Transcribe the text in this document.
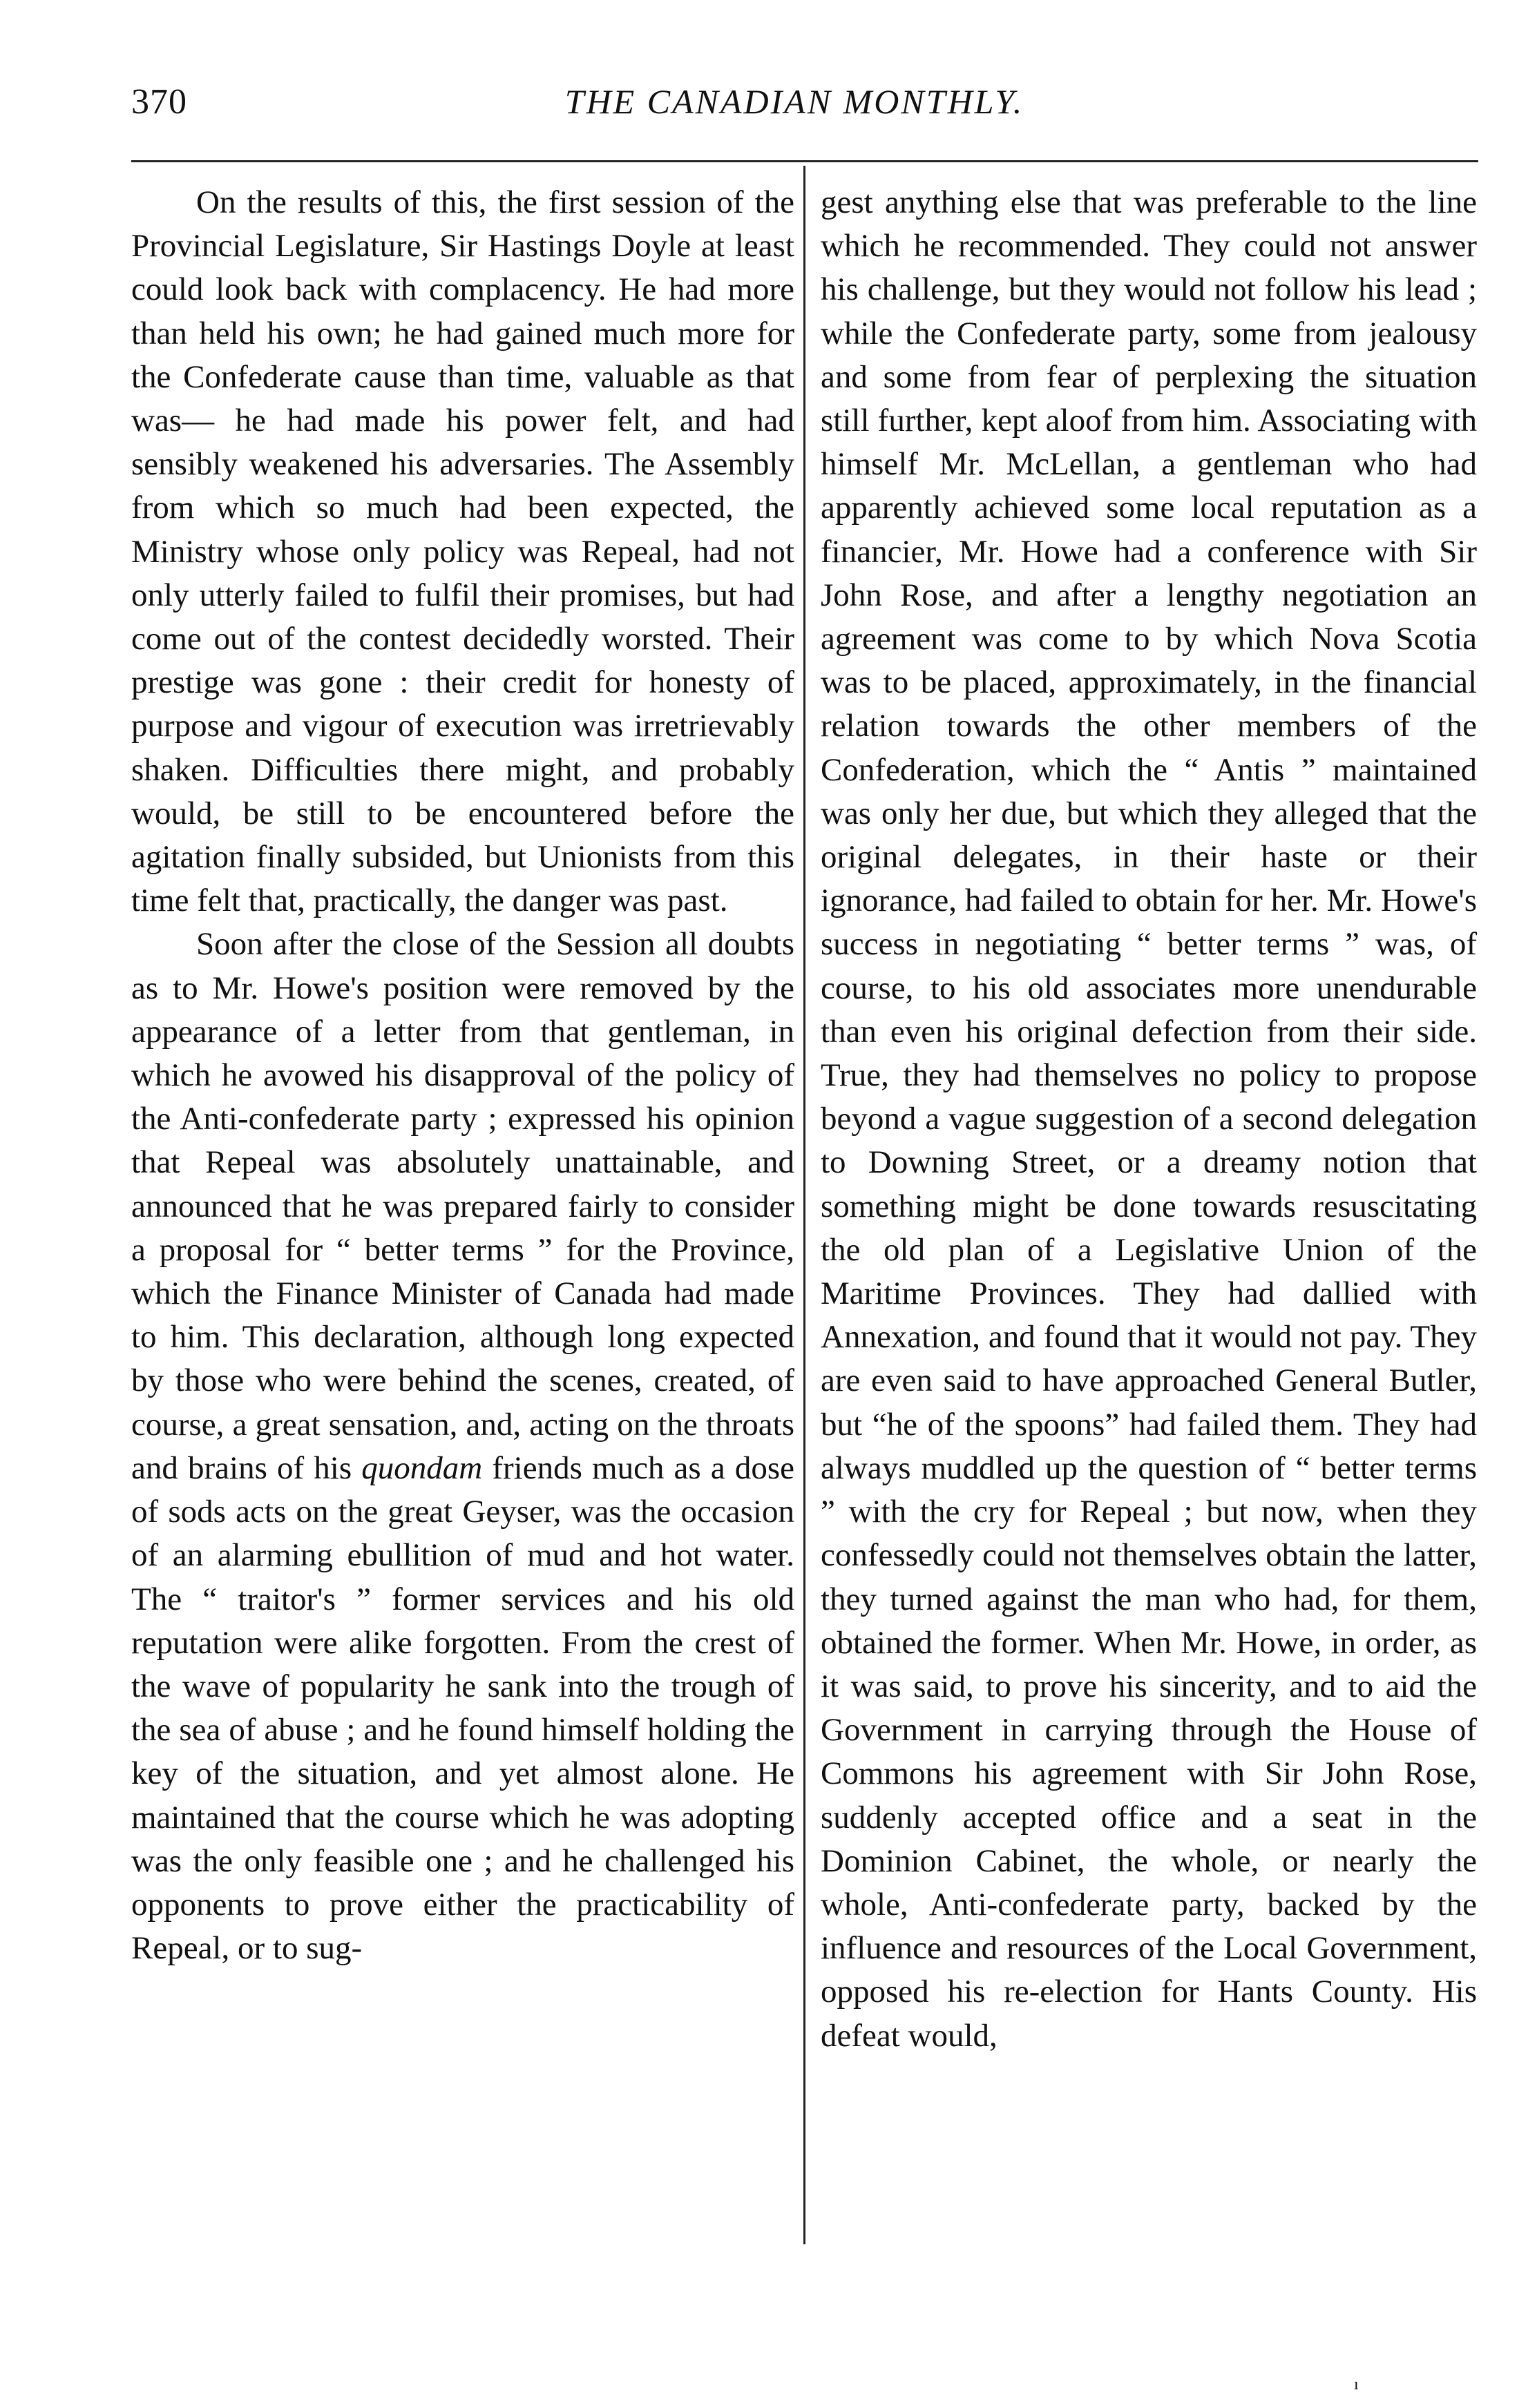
370	THE CANADIAN MONTHLY.

On the results of this, the first session of the Provincial Legislature, Sir Hastings Doyle at least could look back with complacency. He had more than held his own; he had gained much more for the Confederate cause than time, valuable as that was— he had made his power felt, and had sensibly weakened his adversaries. The Assembly from which so much had been expected, the Ministry whose only policy was Repeal, had not only utterly failed to fulfil their promises, but had come out of the contest decidedly worsted. Their prestige was gone : their credit for honesty of purpose and vigour of execution was irretrievably shaken. Difficulties there might, and probably would, be still to be encountered before the agitation finally subsided, but Unionists from this time felt that, practically, the danger was past.

Soon after the close of the Session all doubts as to Mr. Howe's position were removed by the appearance of a letter from that gentleman, in which he avowed his disapproval of the policy of the Anti-confederate party ; expressed his opinion that Repeal was absolutely unattainable, and announced that he was prepared fairly to consider a proposal for “ better terms ” for the Province, which the Finance Minister of Canada had made to him. This declaration, although long expected by those who were behind the scenes, created, of course, a great sensation, and, acting on the throats and brains of his quondam friends much as a dose of sods acts on the great Geyser, was the occasion of an alarming ebullition of mud and hot water. The “ traitor's ” former services and his old reputation were alike forgotten. From the crest of the wave of popularity he sank into the trough of the sea of abuse ; and he found himself holding the key of the situation, and yet almost alone. He maintained that the course which he was adopting was the only feasible one ; and he challenged his opponents to prove either the practicability of Repeal, or to sug-

gest anything else that was preferable to the line which he recommended. They could not answer his challenge, but they would not follow his lead ; while the Confederate party, some from jealousy and some from fear of perplexing the situation still further, kept aloof from him. Associating with himself Mr. McLellan, a gentleman who had apparently achieved some local reputation as a financier, Mr. Howe had a conference with Sir John Rose, and after a lengthy negotiation an agreement was come to by which Nova Scotia was to be placed, approximately, in the financial relation towards the other members of the Confederation, which the “ Antis ” maintained was only her due, but which they alleged that the original delegates, in their haste or their ignorance, had failed to obtain for her. Mr. Howe's success in negotiating “ better terms ” was, of course, to his old associates more unendurable than even his original defection from their side. True, they had themselves no policy to propose beyond a vague suggestion of a second delegation to Downing Street, or a dreamy notion that something might be done towards resuscitating the old plan of a Legislative Union of the Maritime Provinces. They had dallied with Annexation, and found that it would not pay. They are even said to have approached General Butler, but “he of the spoons” had failed them. They had always muddled up the question of “ better terms ” with the cry for Repeal ; but now, when they confessedly could not themselves obtain the latter, they turned against the man who had, for them, obtained the former. When Mr. Howe, in order, as it was said, to prove his sincerity, and to aid the Government in carrying through the House of Commons his agreement with Sir John Rose, suddenly accepted office and a seat in the Dominion Cabinet, the whole, or nearly the whole, Anti-confederate party, backed by the influence and resources of the Local Government, opposed his re-election for Hants County. His defeat would,

ı
